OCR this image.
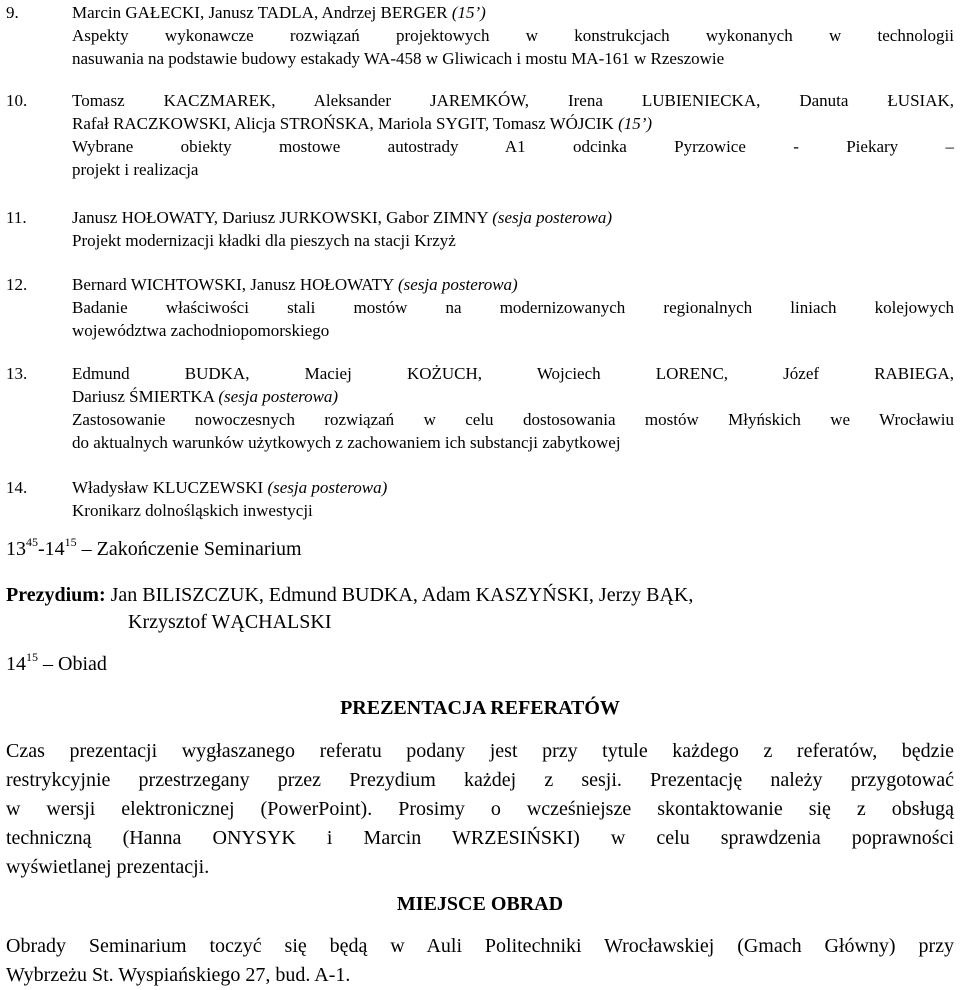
9.	Marcin GAŁECKI, Janusz TADLA, Andrzej BERGER (15’)
Aspekty wykonawcze rozwiązań projektowych w konstrukcjach wykonanych w technologii
nasuwania na podstawie budowy estakady WA-458 w Gliwicach i mostu MA-161 w Rzeszowie
10.	Tomasz KACZMAREK, Aleksander JAREMKÓW, Irena LUBIENIECKA, Danuta ŁUSIAK,
Rafał RACZKOWSKI, Alicja STROŃSKA, Mariola SYGIT, Tomasz WÓJCIK (15’)
Wybrane obiekty mostowe autostrady A1 odcinka Pyrzowice - Piekary –
projekt i realizacja
11.	Janusz HOŁOWATY, Dariusz JURKOWSKI, Gabor ZIMNY (sesja posterowa)
Projekt modernizacji kładki dla pieszych na stacji Krzyż
12.	Bernard WICHTOWSKI, Janusz HOŁOWATY (sesja posterowa)
Badanie właściwości stali mostów na modernizowanych regionalnych liniach kolejowych
województwa zachodniopomorskiego
13.	Edmund BUDKA, Maciej KOŻUCH, Wojciech LORENC, Józef RABIEGA,
Dariusz ŚMIERTKA (sesja posterowa)
Zastosowanie nowoczesnych rozwiązań w celu dostosowania mostów Młyńskich we Wrocławiu
do aktualnych warunków użytkowych z zachowaniem ich substancji zabytkowej
14.	Władysław KLUCZEWSKI (sesja posterowa)
Kronikarz dolnośląskich inwestycji
$13^{45}-14^{15}$ – Zakończenie Seminarium
Prezydium: Jan BILISZCZUK, Edmund BUDKA, Adam KASZYŃSKI, Jerzy BĄK,
Krzysztof WĄCHALSKI
$14^{15}$ – Obiad
PREZENTACJA REFERATÓW
Czas prezentacji wygłaszanego referatu podany jest przy tytule każdego z referatów, będzie
restrykcyjnie przestrzegany przez Prezydium każdej z sesji. Prezentację należy przygotować
w wersji elektronicznej (PowerPoint). Prosimy o wcześniejsze skontaktowanie się z obsługą
techniczną (Hanna ONYSYK i Marcin WRZESIŃSKI) w celu sprawdzenia poprawności
wyświetlanej prezentacji.
MIEJSCE OBRAD
Obrady Seminarium toczyć się będą w Auli Politechniki Wrocławskiej (Gmach Główny) przy
Wybrzeżu St. Wyspiańskiego 27, bud. A-1.
